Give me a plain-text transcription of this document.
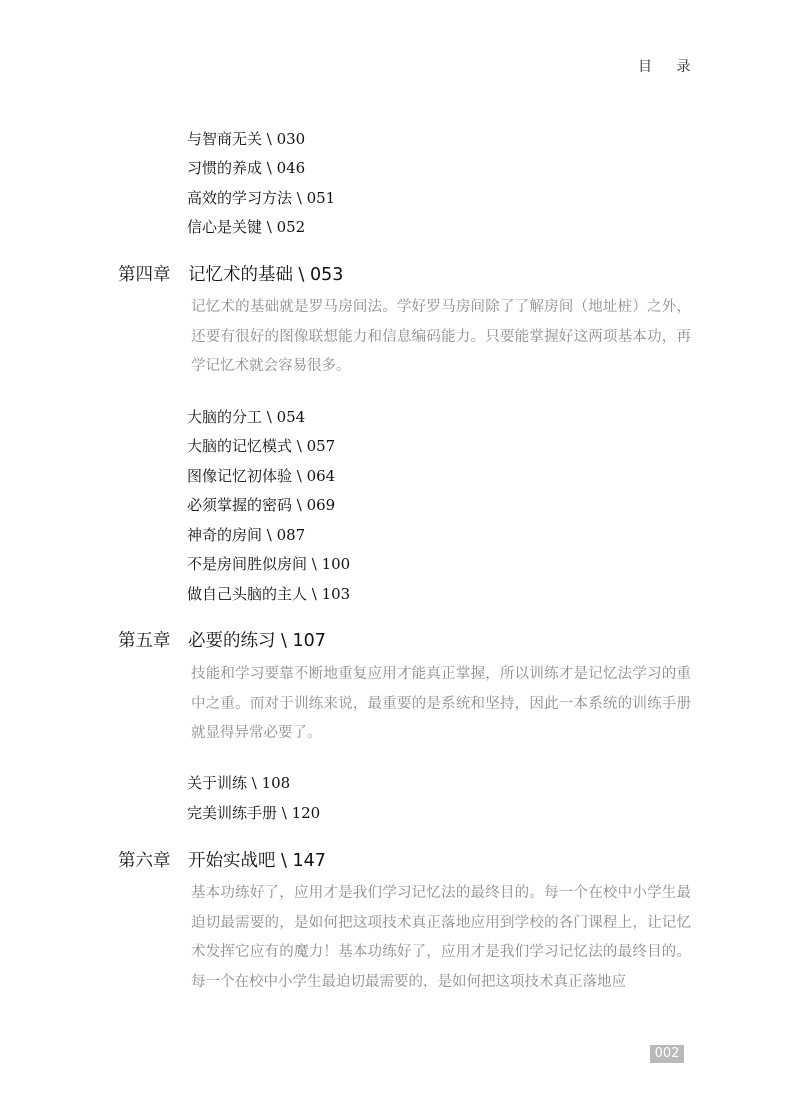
目 录
与智商无关 \ 030
习惯的养成 \ 046
高效的学习方法 \ 051
信心是关键 \ 052
第四章 记忆术的基础 \ 053
记忆术的基础就是罗马房间法。学好罗马房间除了了解房间（地址桩）之外，还要有很好的图像联想能力和信息编码能力。只要能掌握好这两项基本功，再学记忆术就会容易很多。
大脑的分工 \ 054
大脑的记忆模式 \ 057
图像记忆初体验 \ 064
必须掌握的密码 \ 069
神奇的房间 \ 087
不是房间胜似房间 \ 100
做自己头脑的主人 \ 103
第五章 必要的练习 \ 107
技能和学习要靠不断地重复应用才能真正掌握，所以训练才是记忆法学习的重中之重。而对于训练来说，最重要的是系统和坚持，因此一本系统的训练手册就显得异常必要了。
关于训练 \ 108
完美训练手册 \ 120
第六章 开始实战吧 \ 147
基本功练好了，应用才是我们学习记忆法的最终目的。每一个在校中小学生最迫切最需要的，是如何把这项技术真正落地应用到学校的各门课程上，让记忆术发挥它应有的魔力！基本功练好了，应用才是我们学习记忆法的最终目的。每一个在校中小学生最迫切最需要的，是如何把这项技术真正落地应
002
